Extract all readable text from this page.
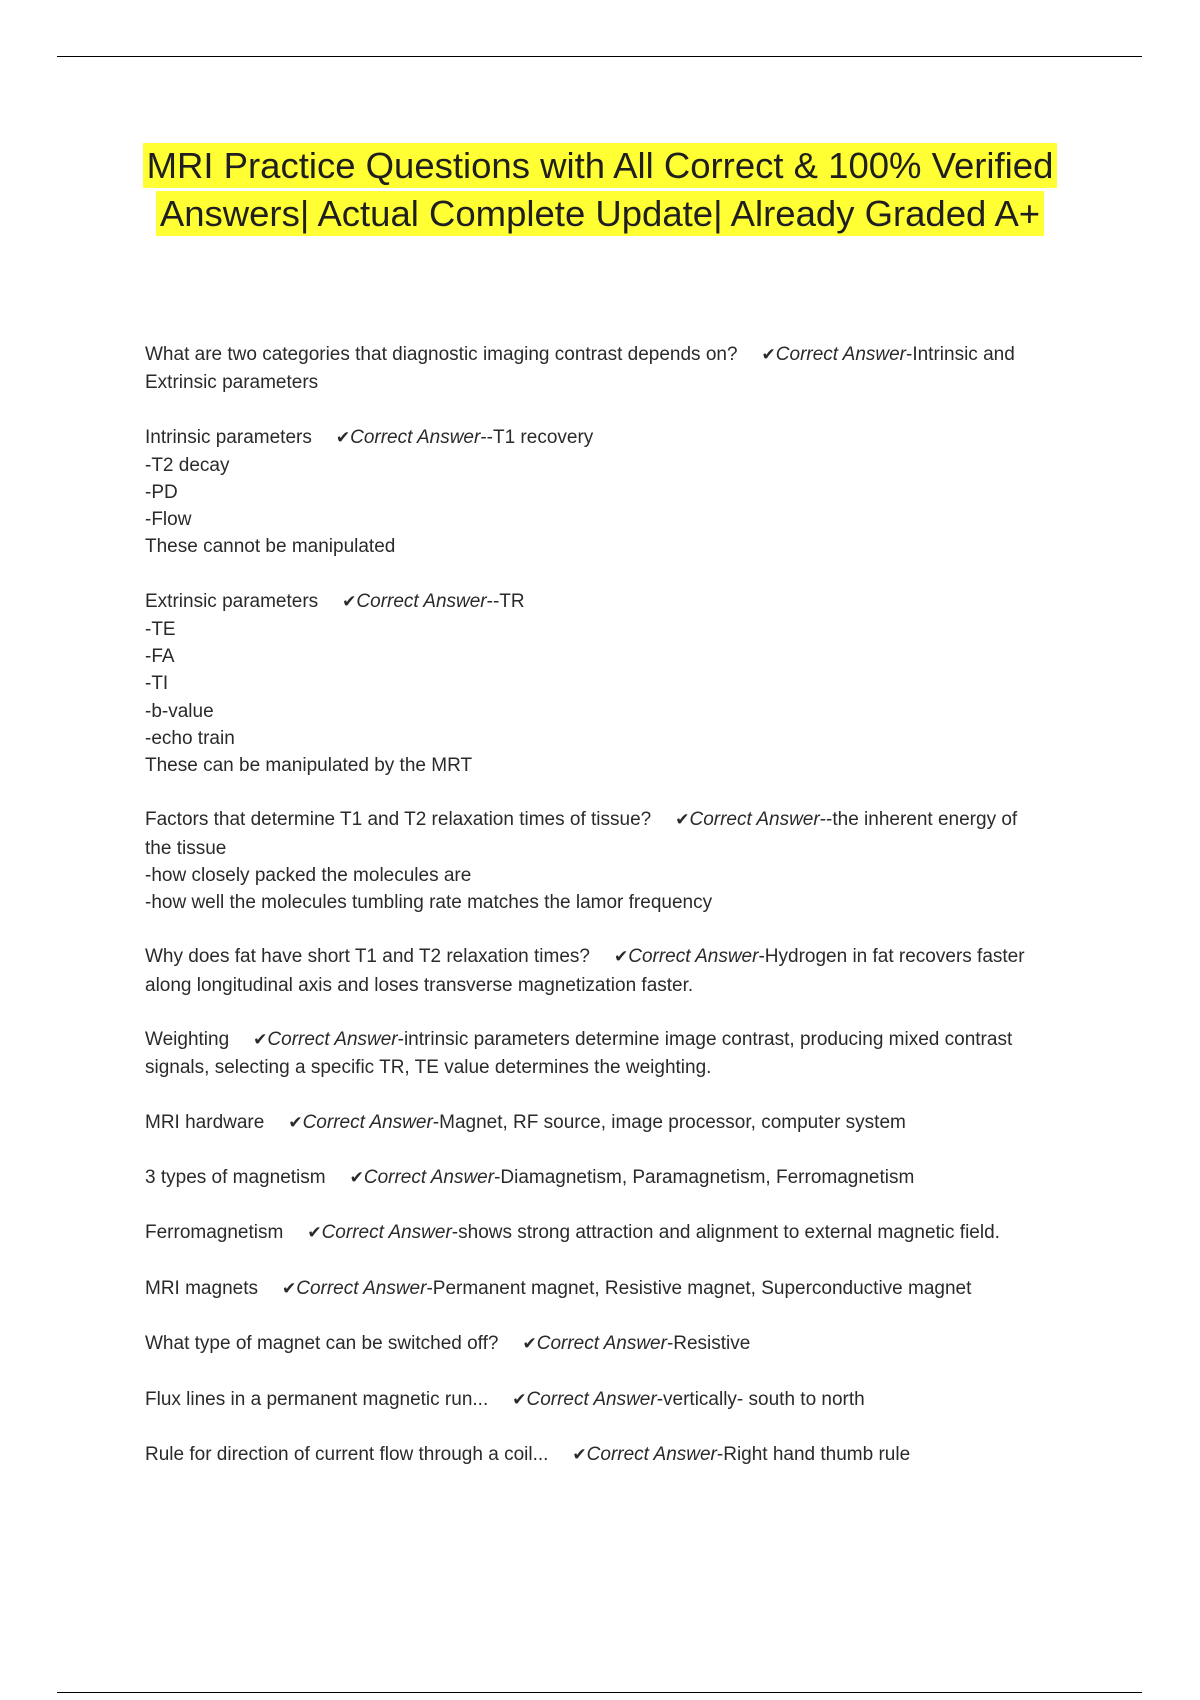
MRI Practice Questions with All Correct & 100% Verified Answers| Actual Complete Update| Already Graded A+
What are two categories that diagnostic imaging contrast depends on? ✔Correct Answer-Intrinsic and Extrinsic parameters
Intrinsic parameters ✔Correct Answer--T1 recovery
-T2 decay
-PD
-Flow
These cannot be manipulated
Extrinsic parameters ✔Correct Answer--TR
-TE
-FA
-TI
-b-value
-echo train
These can be manipulated by the MRT
Factors that determine T1 and T2 relaxation times of tissue? ✔Correct Answer--the inherent energy of the tissue
-how closely packed the molecules are
-how well the molecules tumbling rate matches the lamor frequency
Why does fat have short T1 and T2 relaxation times? ✔Correct Answer-Hydrogen in fat recovers faster along longitudinal axis and loses transverse magnetization faster.
Weighting ✔Correct Answer-intrinsic parameters determine image contrast, producing mixed contrast signals, selecting a specific TR, TE value determines the weighting.
MRI hardware ✔Correct Answer-Magnet, RF source, image processor, computer system
3 types of magnetism ✔Correct Answer-Diamagnetism, Paramagnetism, Ferromagnetism
Ferromagnetism ✔Correct Answer-shows strong attraction and alignment to external magnetic field.
MRI magnets ✔Correct Answer-Permanent magnet, Resistive magnet, Superconductive magnet
What type of magnet can be switched off? ✔Correct Answer-Resistive
Flux lines in a permanent magnetic run... ✔Correct Answer-vertically- south to north
Rule for direction of current flow through a coil... ✔Correct Answer-Right hand thumb rule
